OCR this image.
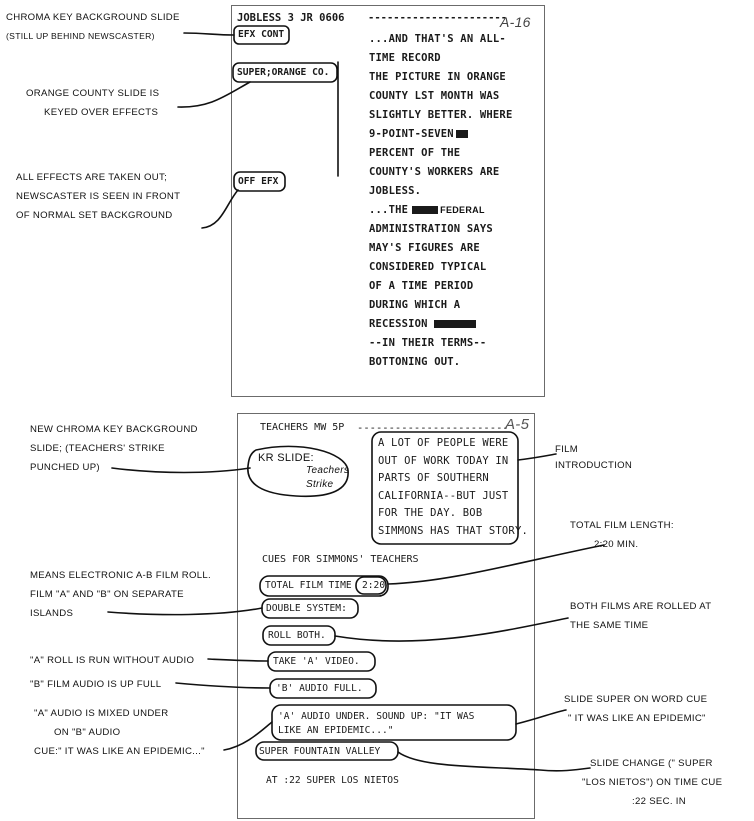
JOBLESS 3 JR 0606 ----------------------
A-16
EFX CONT
SUPER;ORANGE CO.
OFF EFX
...AND THAT'S AN ALL-
TIME RECORD
THE PICTURE IN ORANGE
COUNTY LST MONTH WAS
SLIGHTLY BETTER. WHERE
9-POINT-SEVEN
PERCENT OF THE
COUNTY'S WORKERS ARE
JOBLESS.
...THE	FEDERAL
ADMINISTRATION SAYS
MAY'S FIGURES ARE
CONSIDERED TYPICAL
OF A TIME PERIOD
DURING WHICH A
RECESSION
--IN THEIR TERMS--
BOTTONING OUT.
TEACHERS MW 5P ------------------------
A-5
KR SLIDE:
Teachers
Strike
A LOT OF PEOPLE WERE
OUT OF WORK TODAY IN
PARTS OF SOUTHERN
CALIFORNIA--BUT JUST
FOR THE DAY. BOB
SIMMONS HAS THAT STORY.
CUES FOR SIMMONS' TEACHERS
TOTAL FILM TIME 2:20
DOUBLE SYSTEM:
ROLL BOTH.
TAKE 'A' VIDEO.
'B' AUDIO FULL.
'A' AUDIO UNDER. SOUND UP: "IT WAS
LIKE AN EPIDEMIC..."
SUPER FOUNTAIN VALLEY
AT :22 SUPER LOS NIETOS
CHROMA KEY BACKGROUND SLIDE
(STILL UP BEHIND NEWSCASTER)
ORANGE COUNTY SLIDE IS
KEYED OVER EFFECTS
ALL EFFECTS ARE TAKEN OUT;
NEWSCASTER IS SEEN IN FRONT
OF NORMAL SET BACKGROUND
NEW CHROMA KEY BACKGROUND
SLIDE; (TEACHERS' STRIKE
PUNCHED UP)
MEANS ELECTRONIC A-B FILM ROLL.
FILM "A" AND "B" ON SEPARATE
ISLANDS
"A" ROLL IS RUN WITHOUT AUDIO
"B" FILM AUDIO IS UP FULL
"A" AUDIO IS MIXED UNDER
ON "B" AUDIO
CUE:" IT WAS LIKE AN EPIDEMIC..."
FILM
INTRODUCTION
TOTAL FILM LENGTH:
2:20 MIN.
BOTH FILMS ARE ROLLED AT
THE SAME TIME
SLIDE SUPER ON WORD CUE
" IT WAS LIKE AN EPIDEMIC"
SLIDE CHANGE (" SUPER
"LOS NIETOS") ON TIME CUE
:22 SEC. IN
